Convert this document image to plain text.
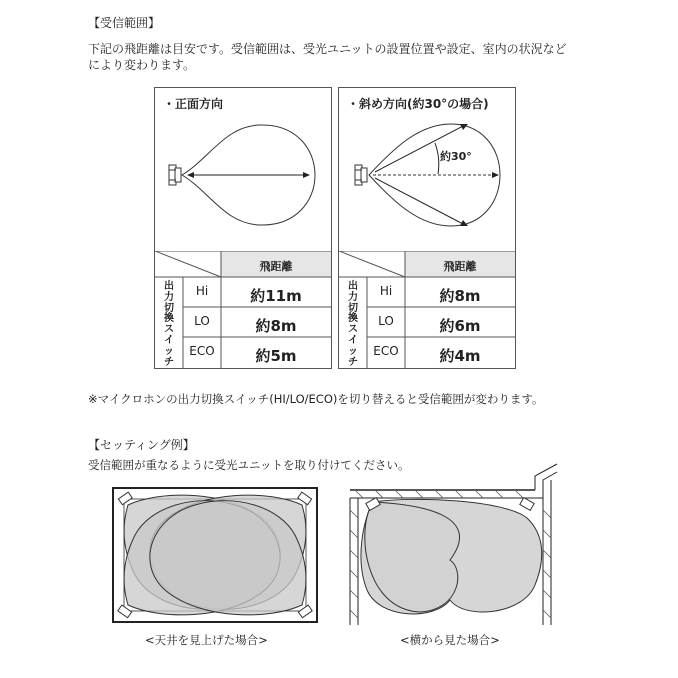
【受信範囲】
下記の飛距離は目安です。受信範囲は、受光ユニットの設置位置や設定、室内の状況など
により変わります。
・正面方向
飛距離
出
力
切
換
ス
イ
ッ
チ
Hi	約11m
LO	約8m
ECO	約5m
・斜め方向(約30°の場合)
約30°
飛距離
出
力
切
換
ス
イ
ッ
チ
Hi	約8m
LO	約6m
ECO	約4m
※マイクロホンの出力切換スイッチ(HI/LO/ECO)を切り替えると受信範囲が変わります。
【セッティング例】
受信範囲が重なるように受光ユニットを取り付けてください。
<天井を見上げた場合>	<横から見た場合>
